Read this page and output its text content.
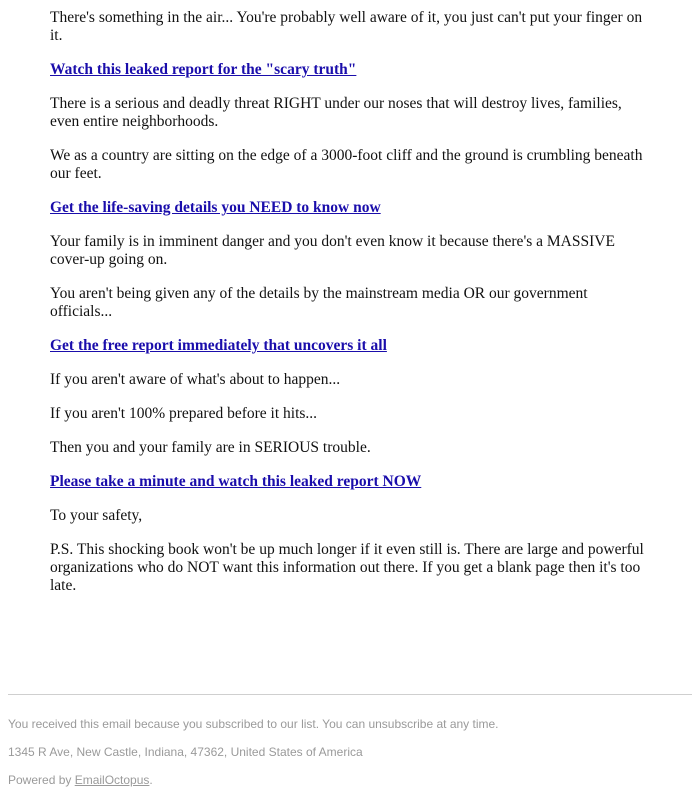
There's something in the air... You're probably well aware of it, you just can't put your finger on it.

Watch this leaked report for the "scary truth"

There is a serious and deadly threat RIGHT under our noses that will destroy lives, families, even entire neighborhoods.

We as a country are sitting on the edge of a 3000-foot cliff and the ground is crumbling beneath our feet.

Get the life-saving details you NEED to know now

Your family is in imminent danger and you don't even know it because there's a MASSIVE cover-up going on.

You aren't being given any of the details by the mainstream media OR our government officials...

Get the free report immediately that uncovers it all

If you aren't aware of what's about to happen...

If you aren't 100% prepared before it hits...

Then you and your family are in SERIOUS trouble.

Please take a minute and watch this leaked report NOW

To your safety,

P.S. This shocking book won't be up much longer if it even still is. There are large and powerful organizations who do NOT want this information out there. If you get a blank page then it's too late.

You received this email because you subscribed to our list. You can unsubscribe at any time.
1345 R Ave, New Castle, Indiana, 47362, United States of America
Powered by EmailOctopus.
